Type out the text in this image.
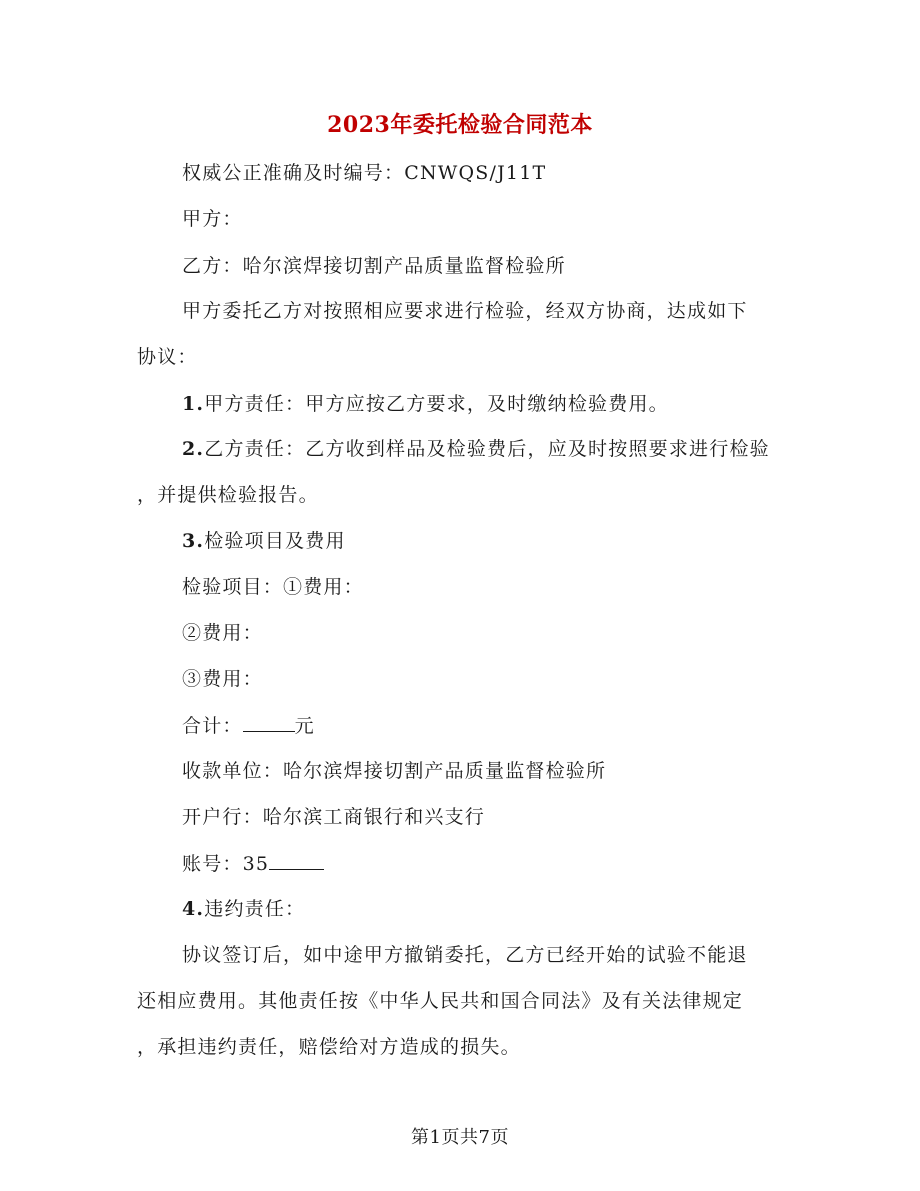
2023年委托检验合同范本
权威公正准确及时编号：CNWQS/J11T
甲方：
乙方：哈尔滨焊接切割产品质量监督检验所
甲方委托乙方对按照相应要求进行检验，经双方协商，达成如下
协议：
1.甲方责任：甲方应按乙方要求，及时缴纳检验费用。
2.乙方责任：乙方收到样品及检验费后，应及时按照要求进行检验
，并提供检验报告。
3.检验项目及费用
检验项目：①费用：
②费用：
③费用：
合计：	元
收款单位：哈尔滨焊接切割产品质量监督检验所
开户行：哈尔滨工商银行和兴支行
账号：35
4.违约责任：
协议签订后，如中途甲方撤销委托，乙方已经开始的试验不能退
还相应费用。其他责任按《中华人民共和国合同法》及有关法律规定
，承担违约责任，赔偿给对方造成的损失。
第1页共7页
